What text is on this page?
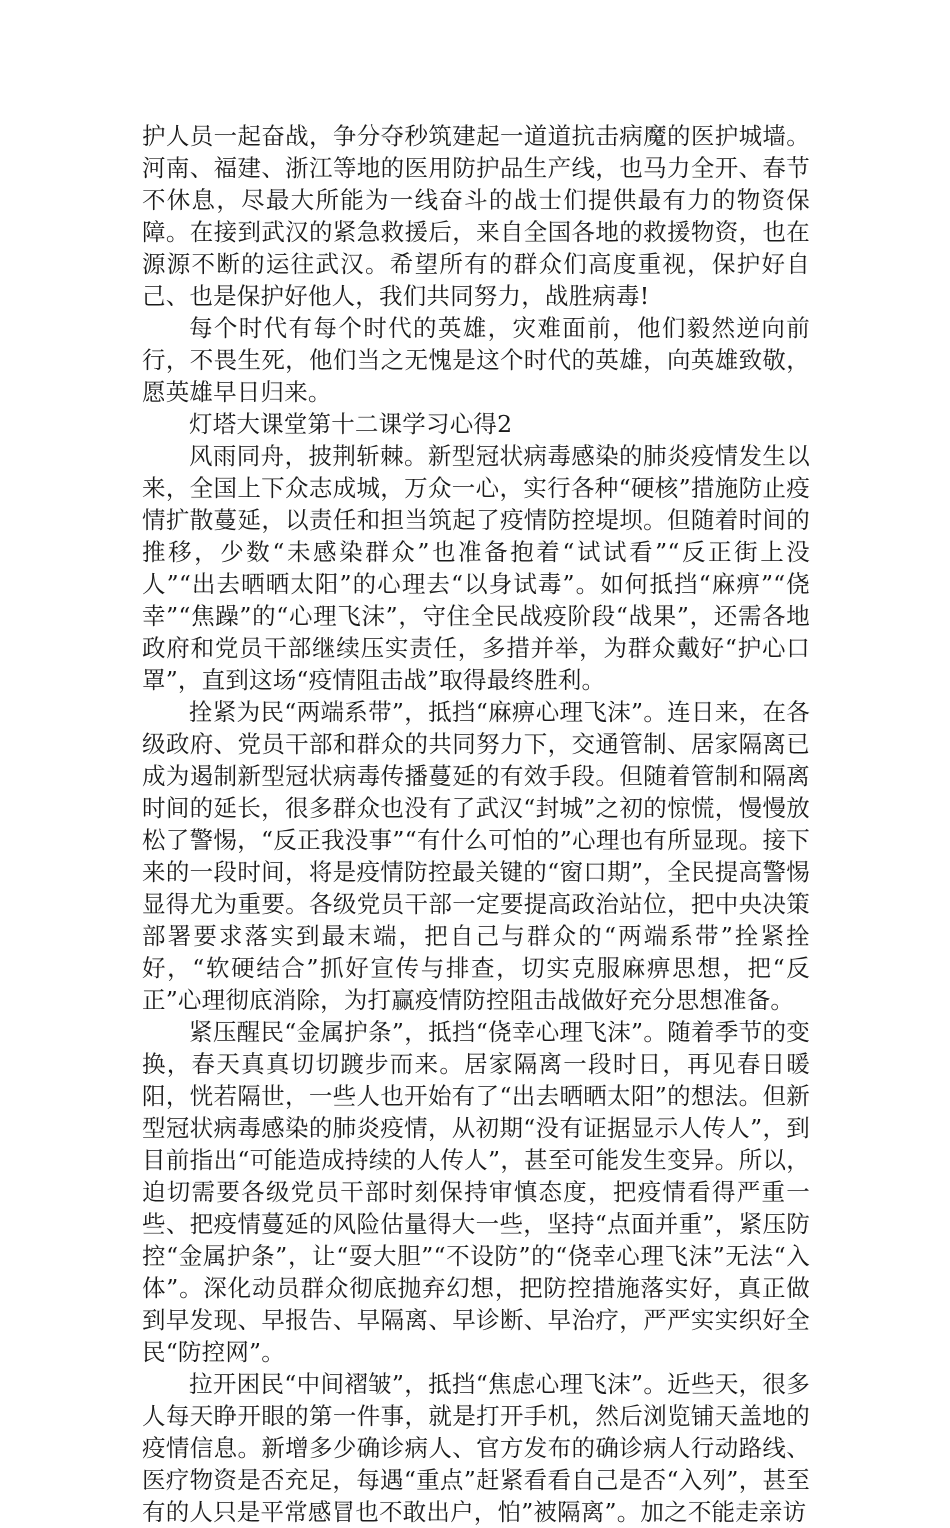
护人员一起奋战，争分夺秒筑建起一道道抗击病魔的医护城墙。河南、福建、浙江等地的医用防护品生产线，也马力全开、春节不休息，尽最大所能为一线奋斗的战士们提供最有力的物资保障。在接到武汉的紧急救援后，来自全国各地的救援物资，也在源源不断的运往武汉。希望所有的群众们高度重视，保护好自己、也是保护好他人，我们共同努力，战胜病毒!

每个时代有每个时代的英雄，灾难面前，他们毅然逆向前行，不畏生死，他们当之无愧是这个时代的英雄，向英雄致敬，愿英雄早日归来。

灯塔大课堂第十二课学习心得2

风雨同舟，披荆斩棘。新型冠状病毒感染的肺炎疫情发生以来，全国上下众志成城，万众一心，实行各种“硬核”措施防止疫情扩散蔓延，以责任和担当筑起了疫情防控堤坝。但随着时间的推移，少数“未感染群众”也准备抱着“试试看”“反正街上没人”“出去晒晒太阳”的心理去“以身试毒”。如何抵挡“麻痹”“侥幸”“焦躁”的“心理飞沫”，守住全民战疫阶段“战果”，还需各地政府和党员干部继续压实责任，多措并举，为群众戴好“护心口罩”，直到这场“疫情阻击战”取得最终胜利。

拴紧为民“两端系带”，抵挡“麻痹心理飞沫”。连日来，在各级政府、党员干部和群众的共同努力下，交通管制、居家隔离已成为遏制新型冠状病毒传播蔓延的有效手段。但随着管制和隔离时间的延长，很多群众也没有了武汉“封城”之初的惊慌，慢慢放松了警惕，“反正我没事”“有什么可怕的”心理也有所显现。接下来的一段时间，将是疫情防控最关键的“窗口期”，全民提高警惕显得尤为重要。各级党员干部一定要提高政治站位，把中央决策部署要求落实到最末端，把自己与群众的“两端系带”拴紧拴好，“软硬结合”抓好宣传与排查，切实克服麻痹思想，把“反正”心理彻底消除，为打赢疫情防控阻击战做好充分思想准备。

紧压醒民“金属护条”，抵挡“侥幸心理飞沫”。随着季节的变换，春天真真切切踱步而来。居家隔离一段时日，再见春日暖阳，恍若隔世，一些人也开始有了“出去晒晒太阳”的想法。但新型冠状病毒感染的肺炎疫情，从初期“没有证据显示人传人”，到目前指出“可能造成持续的人传人”，甚至可能发生变异。所以，迫切需要各级党员干部时刻保持审慎态度，把疫情看得严重一些、把疫情蔓延的风险估量得大一些，坚持“点面并重”，紧压防控“金属护条”，让“耍大胆”“不设防”的“侥幸心理飞沫”无法“入体”。深化动员群众彻底抛弃幻想，把防控措施落实好，真正做到早发现、早报告、早隔离、早诊断、早治疗，严严实实织好全民“防控网”。

拉开困民“中间褶皱”，抵挡“焦虑心理飞沫”。近些天，很多人每天睁开眼的第一件事，就是打开手机，然后浏览铺天盖地的疫情信息。新增多少确诊病人、官方发布的确诊病人行动路线、医疗物资是否充足，每遇“重点”赶紧看看自己是否“入列”，甚至有的人只是平常感冒也不敢出户，怕”被隔离”。加之不能走亲访
